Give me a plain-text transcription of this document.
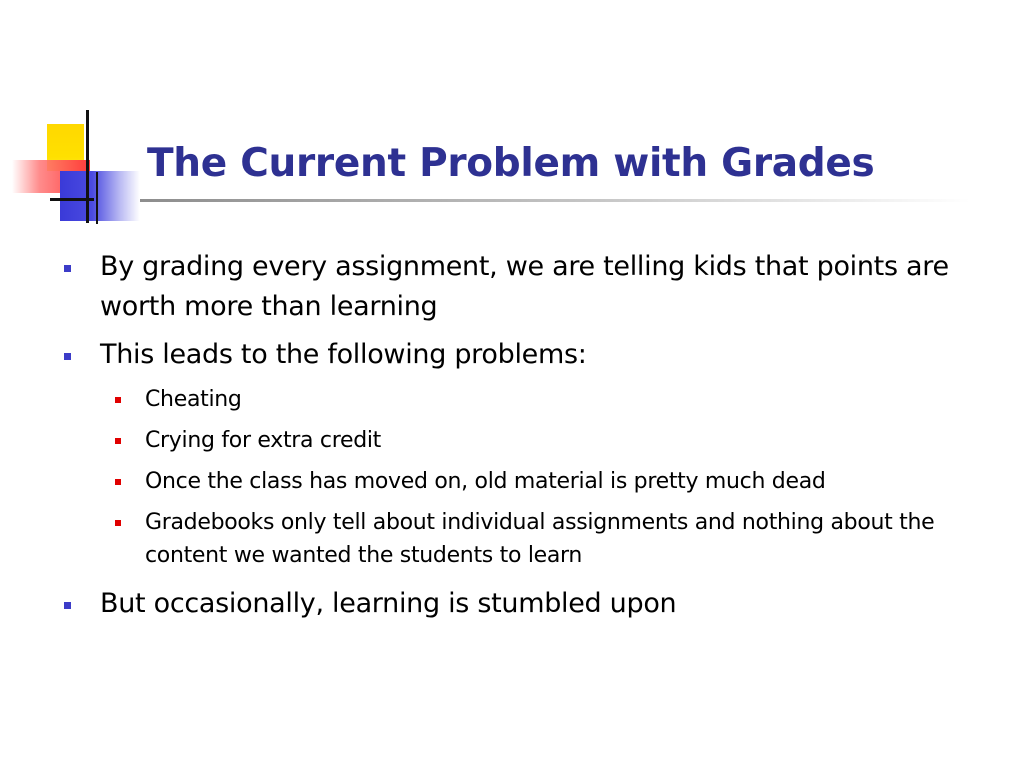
The Current Problem with Grades
By grading every assignment, we are telling kids that points are worth more than learning
This leads to the following problems:
Cheating
Crying for extra credit
Once the class has moved on, old material is pretty much dead
Gradebooks only tell about individual assignments and nothing about the content we wanted the students to learn
But occasionally, learning is stumbled upon
